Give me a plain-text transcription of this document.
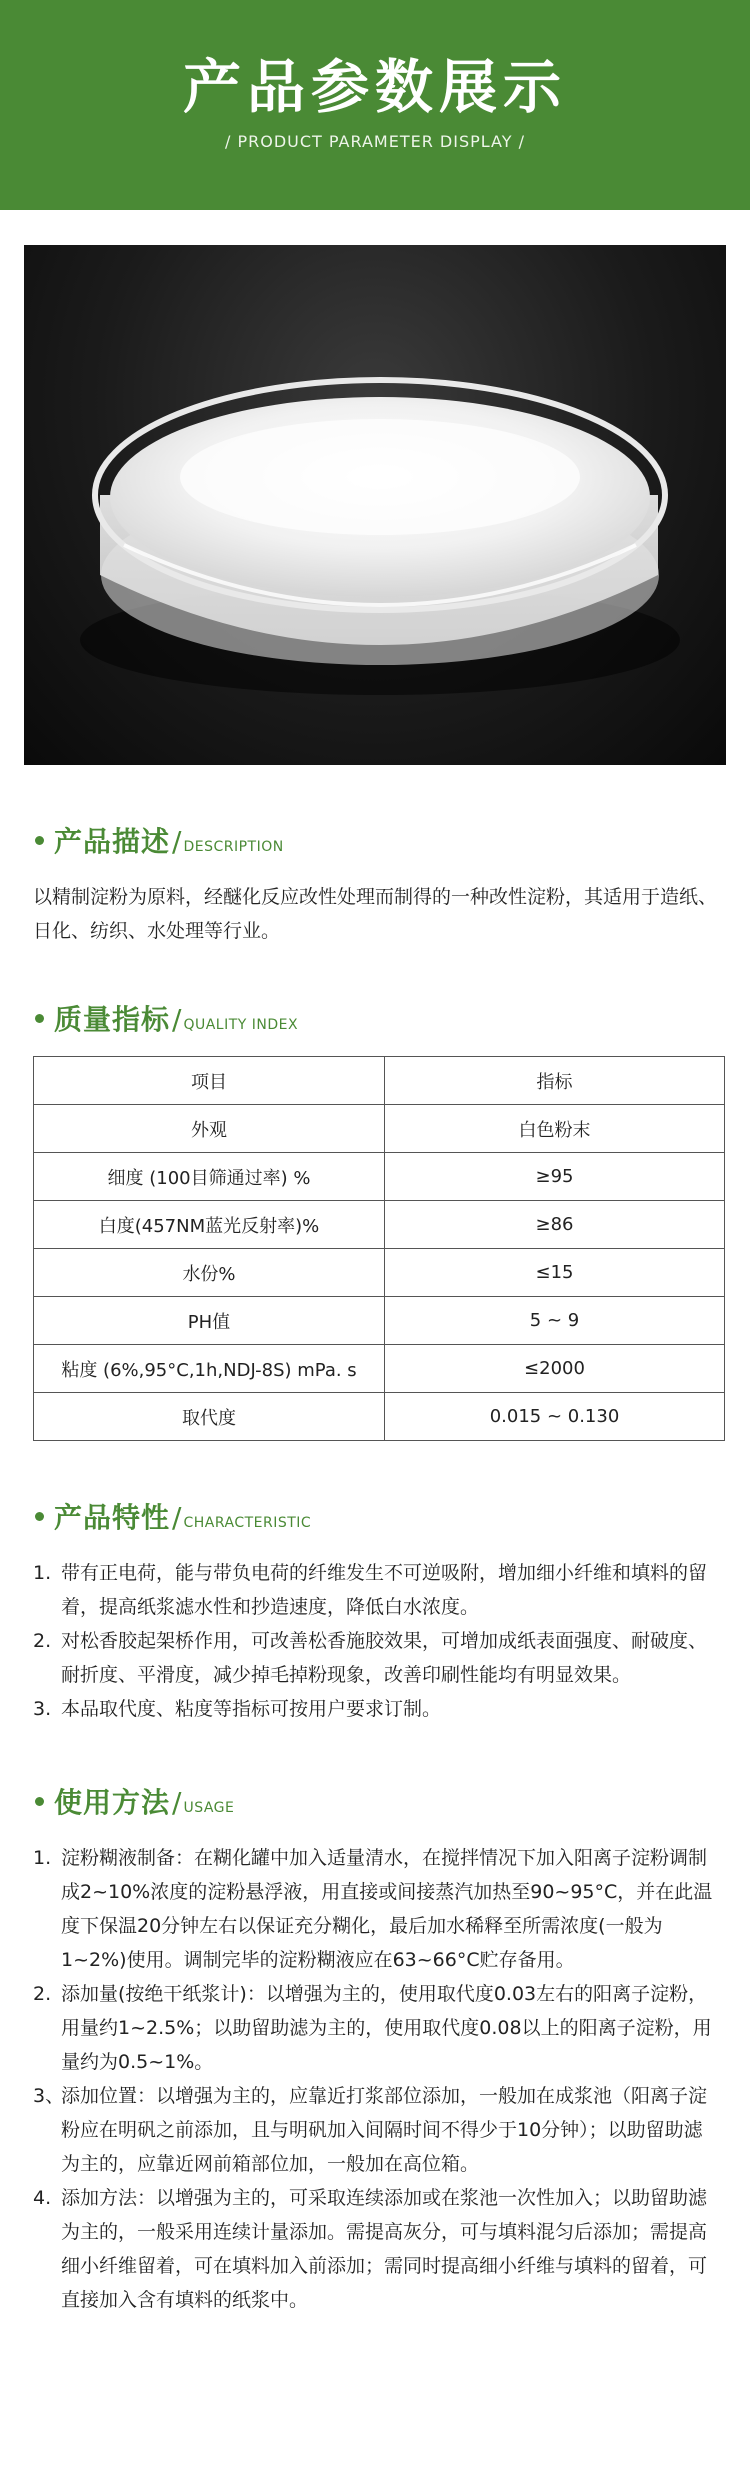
产品参数展示
/ PRODUCT PARAMETER DISPLAY /
产品描述 / DESCRIPTION
以精制淀粉为原料，经醚化反应改性处理而制得的一种改性淀粉，其适用于造纸、日化、纺织、水处理等行业。
质量指标 / QUALITY INDEX
项目	指标
外观	白色粉末
细度 (100目筛通过率) %	≥95
白度(457NM蓝光反射率)%	≥86
水份%	≤15
PH值	5 ~ 9
粘度 (6%,95°C,1h,NDJ-8S) mPa. s	≤2000
取代度	0.015 ~ 0.130
产品特性 / CHARACTERISTIC
1. 带有正电荷，能与带负电荷的纤维发生不可逆吸附，增加细小纤维和填料的留着，提高纸浆滤水性和抄造速度，降低白水浓度。
2. 对松香胶起架桥作用，可改善松香施胶效果，可增加成纸表面强度、耐破度、耐折度、平滑度，减少掉毛掉粉现象，改善印刷性能均有明显效果。
3. 本品取代度、粘度等指标可按用户要求订制。
使用方法 / USAGE
1. 淀粉糊液制备：在糊化罐中加入适量清水，在搅拌情况下加入阳离子淀粉调制成2~10%浓度的淀粉悬浮液，用直接或间接蒸汽加热至90~95°C，并在此温度下保温20分钟左右以保证充分糊化，最后加水稀释至所需浓度(一般为1~2%)使用。调制完毕的淀粉糊液应在63~66°C贮存备用。
2. 添加量(按绝干纸浆计)：以增强为主的，使用取代度0.03左右的阳离子淀粉，用量约1~2.5%；以助留助滤为主的，使用取代度0.08以上的阳离子淀粉，用量约为0.5~1%。
3、
添加位置：以增强为主的，应靠近打浆部位添加，一般加在成浆池（阳离子淀粉应在明矾之前添加，且与明矾加入间隔时间不得少于10分钟）；以助留助滤为主的，应靠近网前箱部位加，一般加在高位箱。
4. 添加方法：以增强为主的，可采取连续添加或在浆池一次性加入；以助留助滤为主的，一般采用连续计量添加。需提高灰分，可与填料混匀后添加；需提高细小纤维留着，可在填料加入前添加；需同时提高细小纤维与填料的留着，可直接加入含有填料的纸浆中。
